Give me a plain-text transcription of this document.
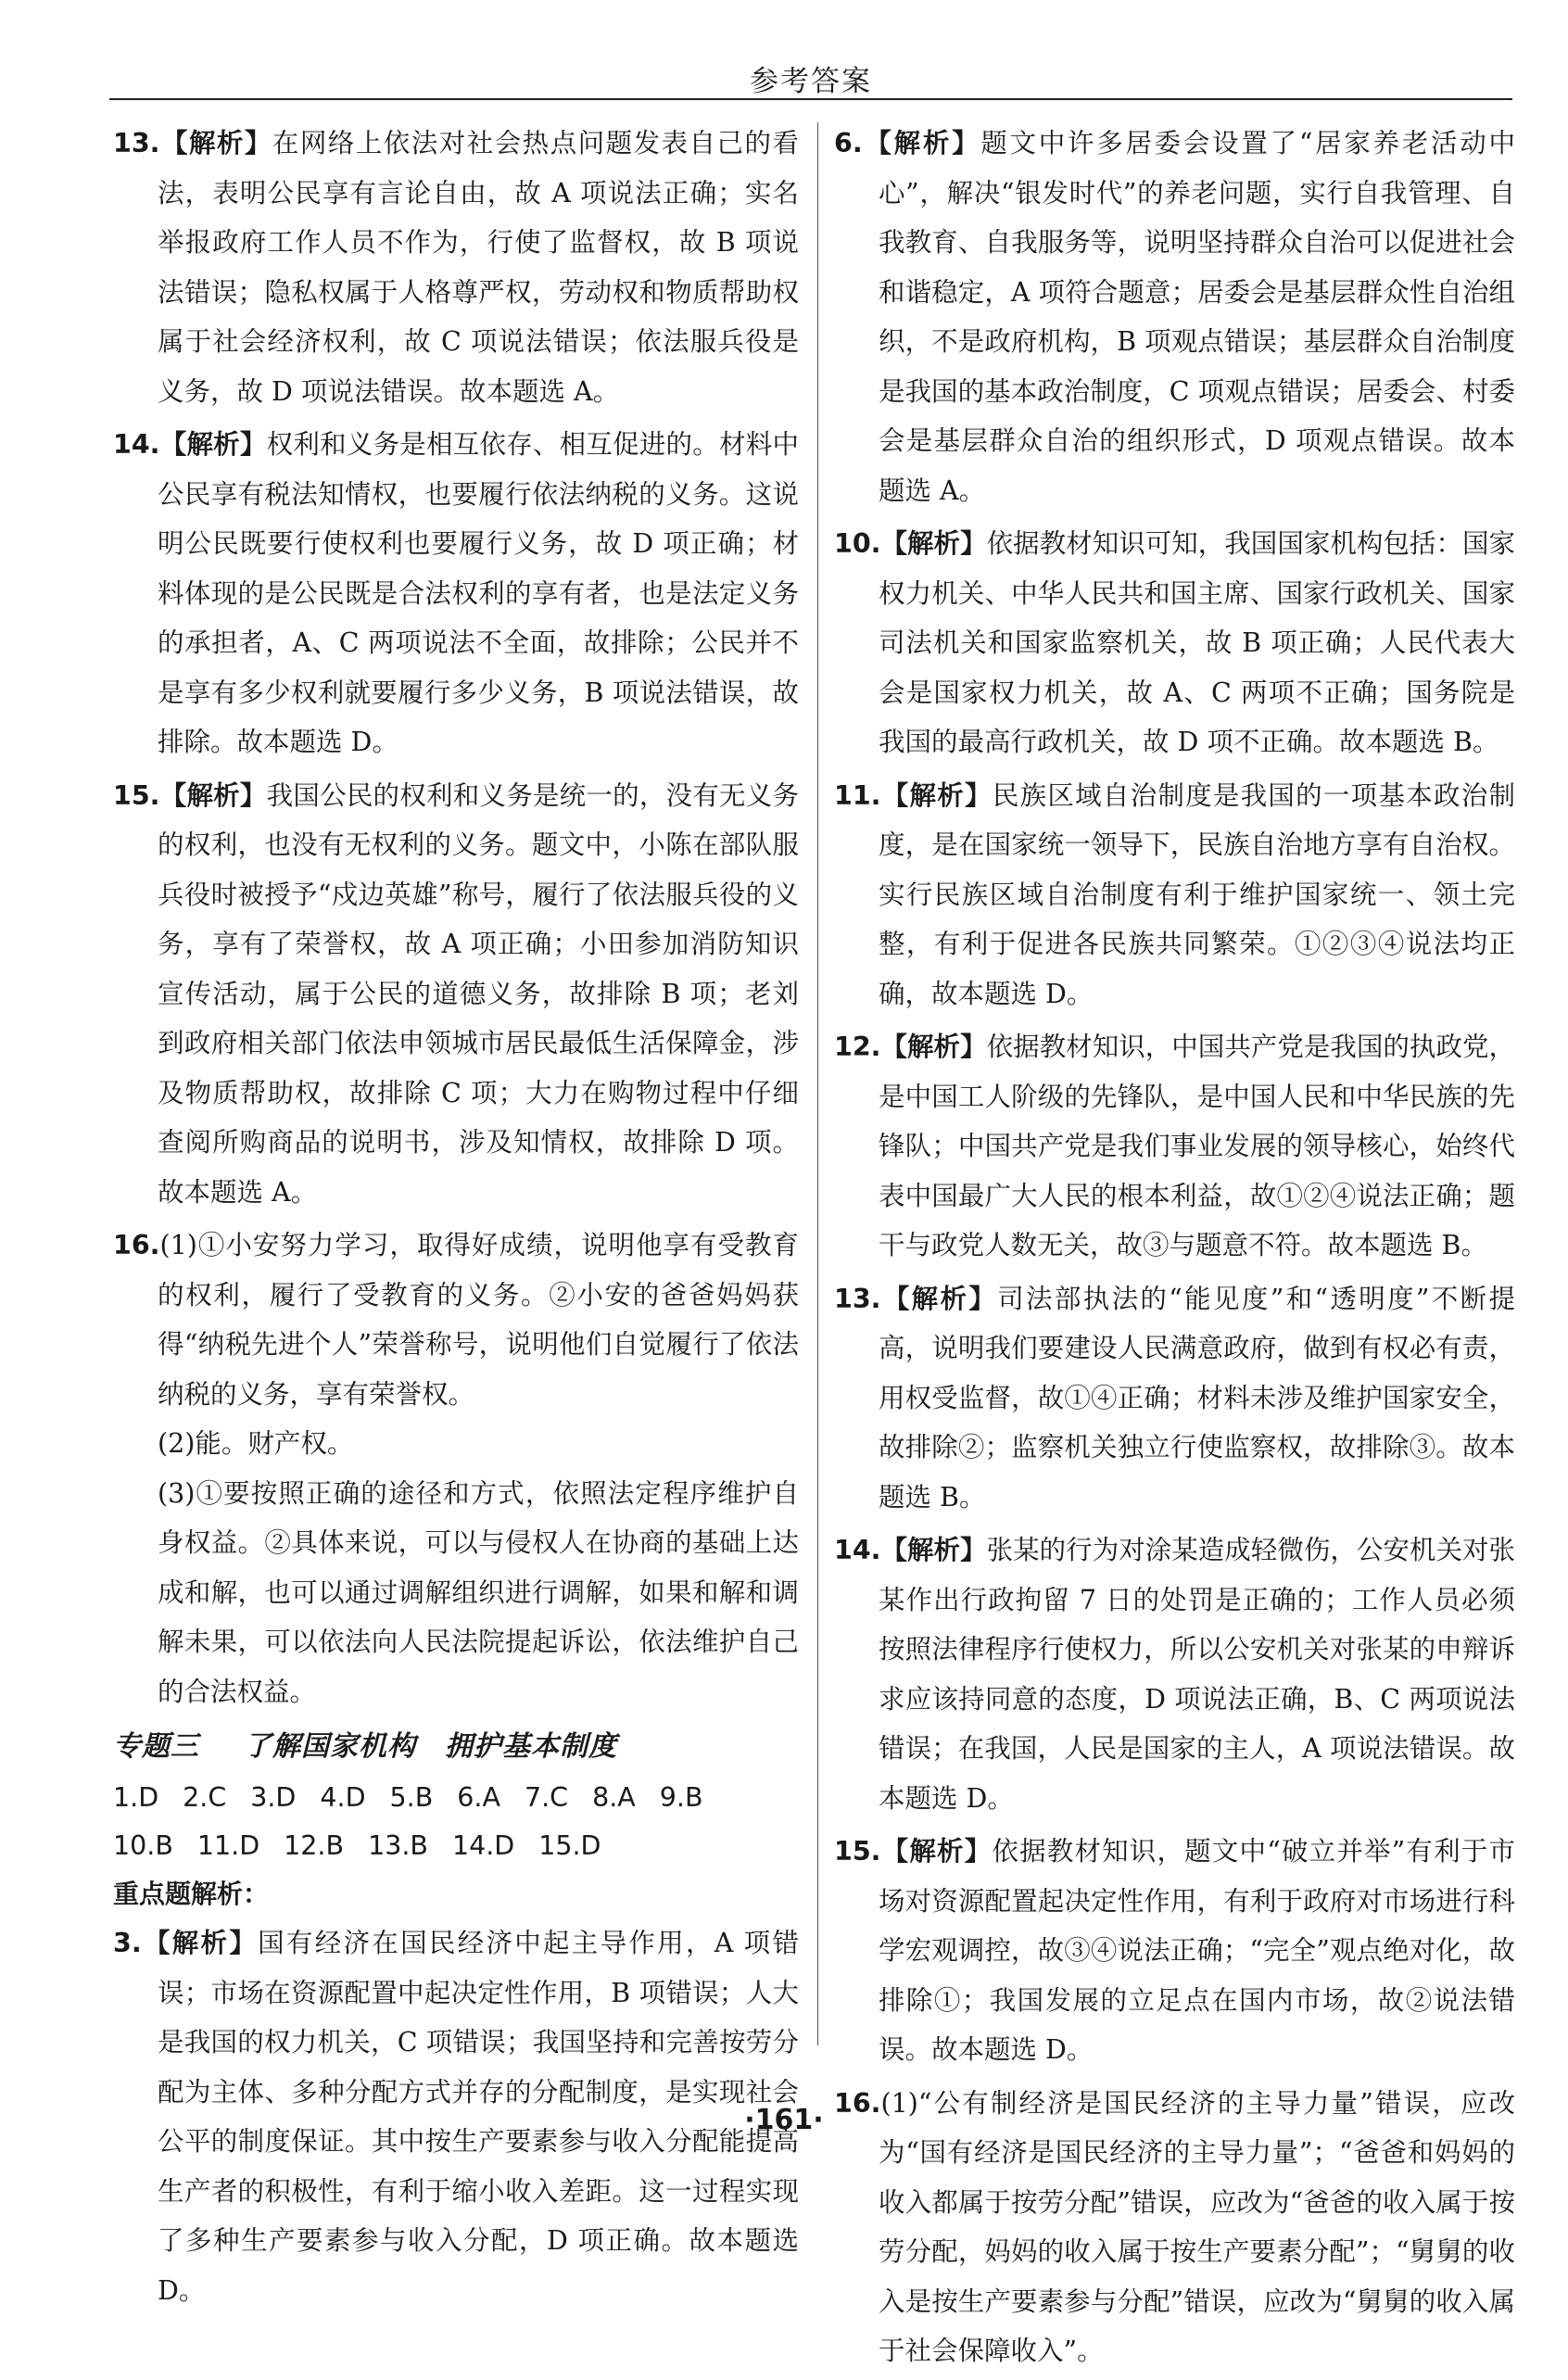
参考答案
13.【解析】在网络上依法对社会热点问题发表自己的看法，表明公民享有言论自由，故 A 项说法正确；实名举报政府工作人员不作为，行使了监督权，故 B 项说法错误；隐私权属于人格尊严权，劳动权和物质帮助权属于社会经济权利，故 C 项说法错误；依法服兵役是义务，故 D 项说法错误。故本题选 A。
14.【解析】权利和义务是相互依存、相互促进的。材料中公民享有税法知情权，也要履行依法纳税的义务。这说明公民既要行使权利也要履行义务，故 D 项正确；材料体现的是公民既是合法权利的享有者，也是法定义务的承担者，A、C 两项说法不全面，故排除；公民并不是享有多少权利就要履行多少义务，B 项说法错误，故排除。故本题选 D。
15.【解析】我国公民的权利和义务是统一的，没有无义务的权利，也没有无权利的义务。题文中，小陈在部队服兵役时被授予“戍边英雄”称号，履行了依法服兵役的义务，享有了荣誉权，故 A 项正确；小田参加消防知识宣传活动，属于公民的道德义务，故排除 B 项；老刘到政府相关部门依法申领城市居民最低生活保障金，涉及物质帮助权，故排除 C 项；大力在购物过程中仔细查阅所购商品的说明书，涉及知情权，故排除 D 项。故本题选 A。
16.(1)①小安努力学习，取得好成绩，说明他享有受教育的权利，履行了受教育的义务。②小安的爸爸妈妈获得“纳税先进个人”荣誉称号，说明他们自觉履行了依法纳税的义务，享有荣誉权。
(2)能。财产权。
(3)①要按照正确的途径和方式，依照法定程序维护自身权益。②具体来说，可以与侵权人在协商的基础上达成和解，也可以通过调解组织进行调解，如果和解和调解未果，可以依法向人民法院提起诉讼，依法维护自己的合法权益。
专题三 了解国家机构　拥护基本制度
1.D 2.C 3.D 4.D 5.B 6.A 7.C 8.A 9.B
10.B 11.D 12.B 13.B 14.D 15.D
重点题解析：
3.【解析】国有经济在国民经济中起主导作用，A 项错误；市场在资源配置中起决定性作用，B 项错误；人大是我国的权力机关，C 项错误；我国坚持和完善按劳分配为主体、多种分配方式并存的分配制度，是实现社会公平的制度保证。其中按生产要素参与收入分配能提高生产者的积极性，有利于缩小收入差距。这一过程实现了多种生产要素参与收入分配，D 项正确。故本题选 D。
6.【解析】题文中许多居委会设置了“居家养老活动中心”，解决“银发时代”的养老问题，实行自我管理、自我教育、自我服务等，说明坚持群众自治可以促进社会和谐稳定，A 项符合题意；居委会是基层群众性自治组织，不是政府机构，B 项观点错误；基层群众自治制度是我国的基本政治制度，C 项观点错误；居委会、村委会是基层群众自治的组织形式，D 项观点错误。故本题选 A。
10.【解析】依据教材知识可知，我国国家机构包括：国家权力机关、中华人民共和国主席、国家行政机关、国家司法机关和国家监察机关，故 B 项正确；人民代表大会是国家权力机关，故 A、C 两项不正确；国务院是我国的最高行政机关，故 D 项不正确。故本题选 B。
11.【解析】民族区域自治制度是我国的一项基本政治制度，是在国家统一领导下，民族自治地方享有自治权。实行民族区域自治制度有利于维护国家统一、领土完整，有利于促进各民族共同繁荣。①②③④说法均正确，故本题选 D。
12.【解析】依据教材知识，中国共产党是我国的执政党，是中国工人阶级的先锋队，是中国人民和中华民族的先锋队；中国共产党是我们事业发展的领导核心，始终代表中国最广大人民的根本利益，故①②④说法正确；题干与政党人数无关，故③与题意不符。故本题选 B。
13.【解析】司法部执法的“能见度”和“透明度”不断提高，说明我们要建设人民满意政府，做到有权必有责，用权受监督，故①④正确；材料未涉及维护国家安全，故排除②；监察机关独立行使监察权，故排除③。故本题选 B。
14.【解析】张某的行为对涂某造成轻微伤，公安机关对张某作出行政拘留 7 日的处罚是正确的；工作人员必须按照法律程序行使权力，所以公安机关对张某的申辩诉求应该持同意的态度，D 项说法正确，B、C 两项说法错误；在我国，人民是国家的主人，A 项说法错误。故本题选 D。
15.【解析】依据教材知识，题文中“破立并举”有利于市场对资源配置起决定性作用，有利于政府对市场进行科学宏观调控，故③④说法正确；“完全”观点绝对化，故排除①；我国发展的立足点在国内市场，故②说法错误。故本题选 D。
16.(1)“公有制经济是国民经济的主导力量”错误，应改为“国有经济是国民经济的主导力量”；“爸爸和妈妈的收入都属于按劳分配”错误，应改为“爸爸的收入属于按劳分配，妈妈的收入属于按生产要素分配”；“舅舅的收入是按生产要素参与分配”错误，应改为“舅舅的收入属于社会保障收入”。
·161·
